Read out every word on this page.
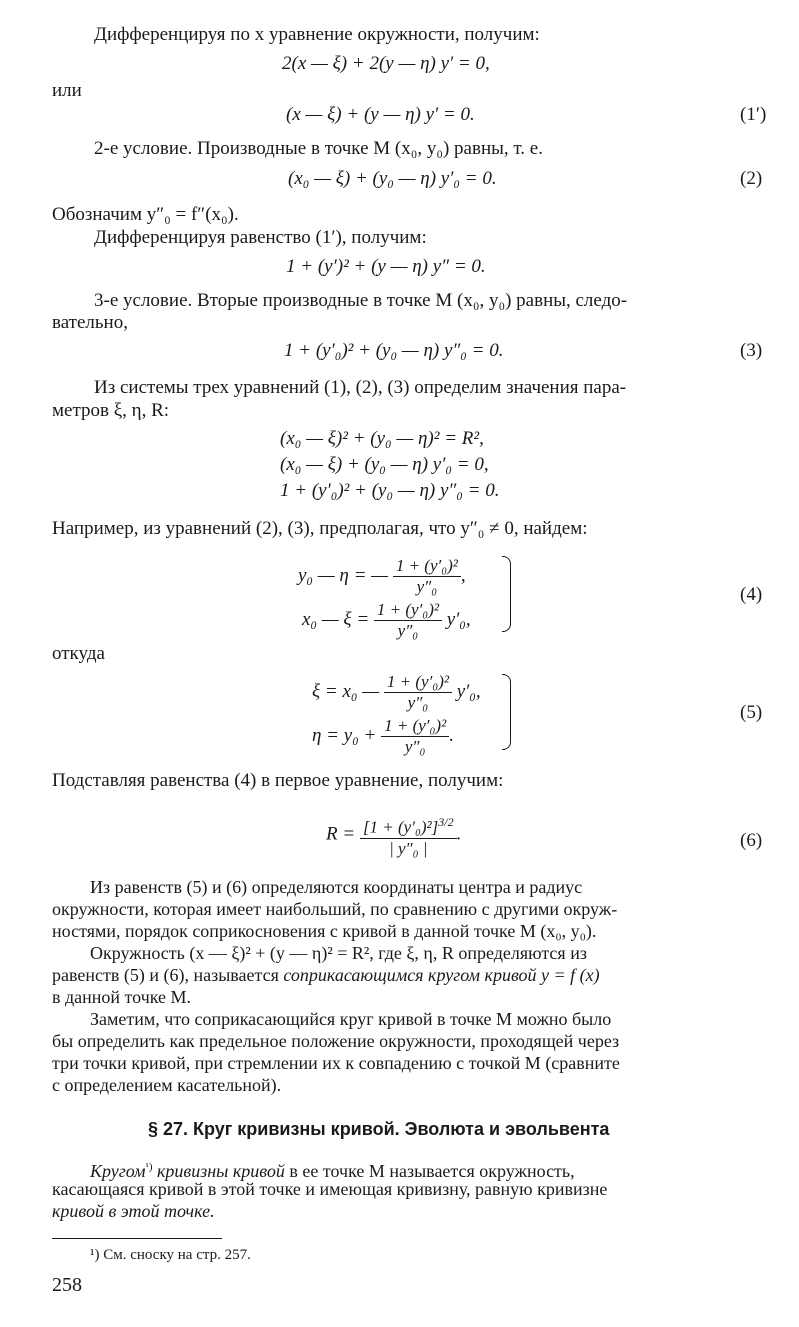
Дифференцируя по x уравнение окружности, получим:
2(x — ξ) + 2(y — η) y′ = 0,
или
(x — ξ) + (y — η) y′ = 0.	(1′)
2-е условие. Производные в точке M (x₀, y₀) равны, т. е.
(x₀ — ξ) + (y₀ — η) y′₀ = 0.	(2)
Обозначим y″₀ = f″(x₀).
Дифференцируя равенство (1′), получим:
1 + (y′)² + (y — η) y″ = 0.
3-е условие. Вторые производные в точке M (x₀, y₀) равны, следо-
вательно,
1 + (y′₀)² + (y₀ — η) y″₀ = 0.	(3)
Из системы трех уравнений (1), (2), (3) определим значения пара-
метров ξ, η, R:
(x₀ — ξ)² + (y₀ — η)² = R²,
(x₀ — ξ) + (y₀ — η) y′₀ = 0,
1 + (y′₀)² + (y₀ — η) y″₀ = 0.
Например, из уравнений (2), (3), предполагая, что y″₀ ≠ 0, найдем:
y₀ — η = — $\frac{\text{1 + (y′₀)²}}{\text{y″₀}}$ ,
x₀ — $\xi = \frac{\text{1 + (y′₀)²}}{\text{y″₀}} y'_0$,
(4)
откуда
ξ = x₀ — $\frac{\text{1 + (y′₀)²}}{\text{y″₀}} y'_0$,
$\eta = y_0 + \frac{\text{1 + (y′₀)²}}{\text{y″₀}}$ .
(5)
Подставляя равенства (4) в первое уравнение, получим:
$R = \frac{[1 + (y'_0)^2]^{3/2}}{\text{| y″₀ |}}$ .	(6)
Из равенств (5) и (6) определяются координаты центра и радиус
окружности, которая имеет наибольший, по сравнению с другими окруж-
ностями, порядок соприкосновения с кривой в данной точке M (x₀, y₀).
Окружность (x — ξ)² + (y — η)² = R², где ξ, η, R определяются из
равенств (5) и (6), называется соприкасающимся кругом кривой y = f (x)
в данной точке M.
Заметим, что соприкасающийся круг кривой в точке M можно было
бы определить как предельное положение окружности, проходящей через
три точки кривой, при стремлении их к совпадению с точкой M (сравните
с определением касательной).
§ 27. Круг кривизны кривой. Эволюта и эвольвента
Кругом$^{^1)}$ кривизны кривой в ее точке M называется окружность,
касающаяся кривой в этой точке и имеющая кривизну, равную кривизне
кривой в этой точке.
¹) См. сноску на стр. 257.
258
